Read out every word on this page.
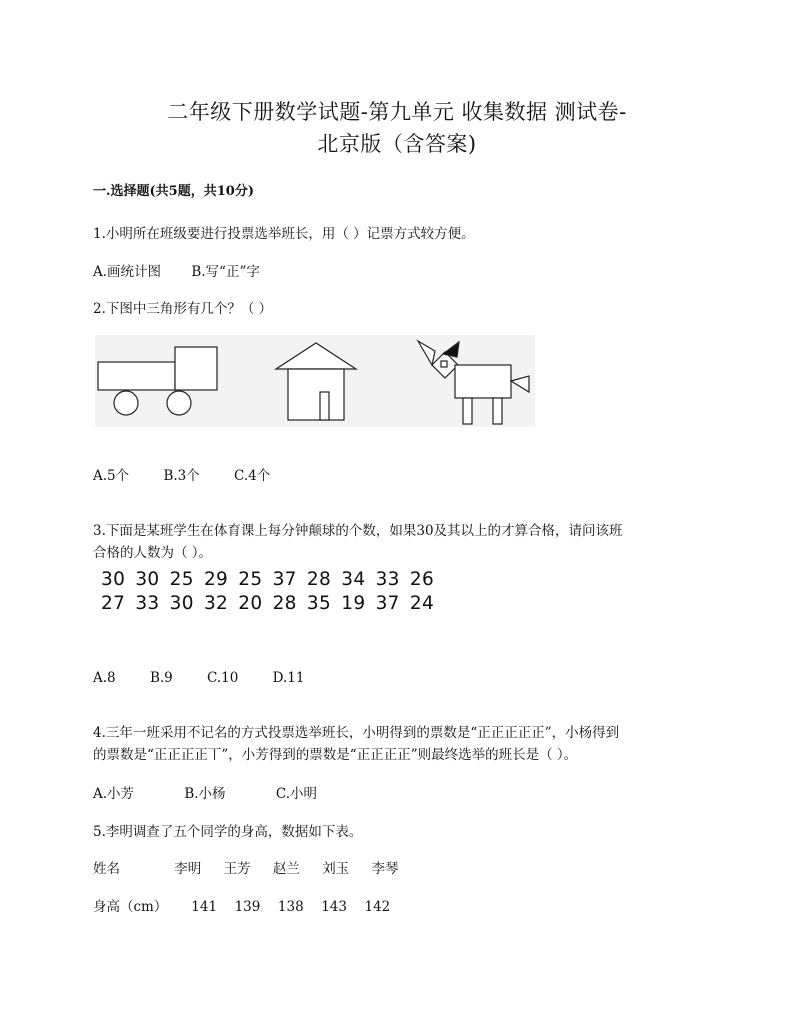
二年级下册数学试题-第九单元 收集数据 测试卷-
北京版（含答案)
一.选择题(共5题，共10分)
1.小明所在班级要进行投票选举班长，用（ ）记票方式较方便。
A.画统计图 B.写“正”字
2.下图中三角形有几个？（ ）
A.5个	B.3个	C.4个
3.下面是某班学生在体育课上每分钟颠球的个数，如果30及其以上的才算合格，请问该班
合格的人数为（ ）。
30 30 25 29 25 37 28 34 33 26
27 33 30 32 20 28 35 19 37 24
A.8	B.9	C.10	D.11
4.三年一班采用不记名的方式投票选举班长，小明得到的票数是“正正正正正”，小杨得到
的票数是“正正正正丅”，小芳得到的票数是“正正正正”则最终选举的班长是（ ）。
A.小芳	B.小杨	C.小明
5.李明调查了五个同学的身高，数据如下表。
姓名	李明 王芳 赵兰 刘玉 李琴
身高（cm） 141 139 138 143 142
